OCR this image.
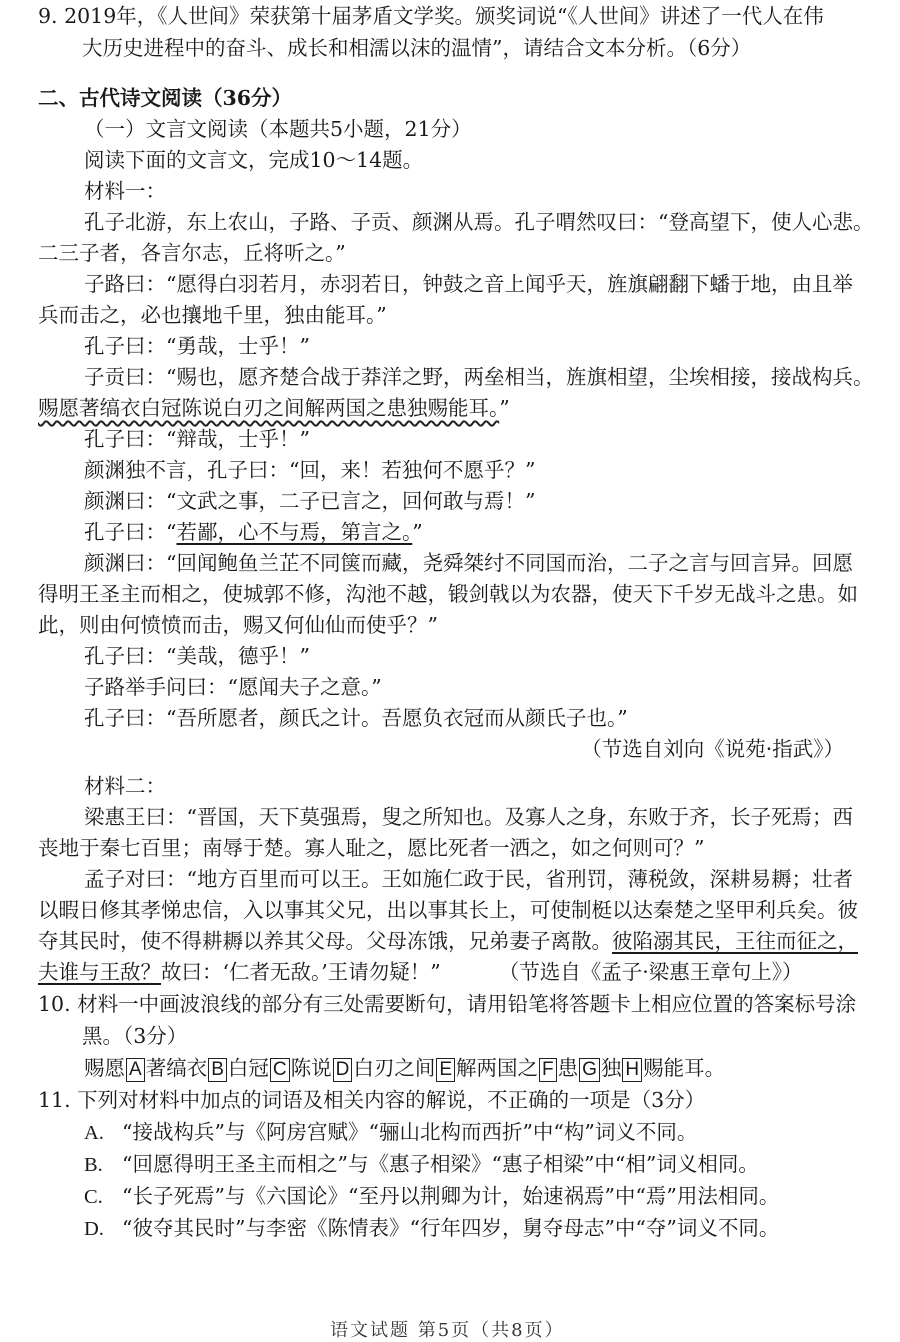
9. 2019年，《人世间》荣获第十届茅盾文学奖。颁奖词说“《人世间》讲述了一代人在伟

大历史进程中的奋斗、成长和相濡以沫的温情”，请结合文本分析。（6分）

二、古代诗文阅读（36分）

（一）文言文阅读（本题共5小题，21分）

阅读下面的文言文，完成10～14题。

材料一：

孔子北游，东上农山，子路、子贡、颜渊从焉。孔子喟然叹曰：“登高望下，使人心悲。

二三子者，各言尔志，丘将听之。”

子路曰：“愿得白羽若月，赤羽若日，钟鼓之音上闻乎天，旌旗翩翻下蟠于地，由且举

兵而击之，必也攘地千里，独由能耳。”

孔子曰：“勇哉，士乎！”

子贡曰：“赐也，愿齐楚合战于莽洋之野，两垒相当，旌旗相望，尘埃相接，接战构兵。

赐愿著缟衣白冠陈说白刃之间解两国之患独赐能耳。”

孔子曰：“辩哉，士乎！”

颜渊独不言，孔子曰：“回，来！若独何不愿乎？”

颜渊曰：“文武之事，二子已言之，回何敢与焉！”

孔子曰：“若鄙，心不与焉，第言之。”

颜渊曰：“回闻鲍鱼兰芷不同箧而藏，尧舜桀纣不同国而治，二子之言与回言异。回愿

得明王圣主而相之，使城郭不修，沟池不越，锻剑戟以为农器，使天下千岁无战斗之患。如

此，则由何愤愤而击，赐又何仙仙而使乎？”

孔子曰：“美哉，德乎！”

子路举手问曰：“愿闻夫子之意。”

孔子曰：“吾所愿者，颜氏之计。吾愿负衣冠而从颜氏子也。”

（节选自刘向《说苑·指武》）

材料二：

梁惠王曰：“晋国，天下莫强焉，叟之所知也。及寡人之身，东败于齐，长子死焉；西

丧地于秦七百里；南辱于楚。寡人耻之，愿比死者一洒之，如之何则可？”

孟子对曰：“地方百里而可以王。王如施仁政于民，省刑罚，薄税敛，深耕易耨；壮者

以暇日修其孝悌忠信，入以事其父兄，出以事其长上，可使制梃以达秦楚之坚甲利兵矣。彼

夺其民时，使不得耕耨以养其父母。父母冻饿，兄弟妻子离散。彼陷溺其民，王往而征之，

夫谁与王敌？故曰：‘仁者无敌。’王请勿疑！”	（节选自《孟子·梁惠王章句上》）

10. 材料一中画波浪线的部分有三处需要断句，请用铅笔将答题卡上相应位置的答案标号涂

黑。（3分）

赐愿 A 著缟衣 B 白冠 C 陈说 D 白刃之间 E 解两国之 F 患 G 独 H 赐能耳。

11. 下列对材料中加点的词语及相关内容的解说，不正确的一项是（3分）

A. “接战构兵”与《阿房宫赋》“骊山北构而西折”中“构”词义不同。

B. “回愿得明王圣主而相之”与《惠子相梁》“惠子相梁”中“相”词义相同。

C. “长子死焉”与《六国论》“至丹以荆卿为计，始速祸焉”中“焉”用法相同。

D. “彼夺其民时”与李密《陈情表》“行年四岁，舅夺母志”中“夺”词义不同。

语文试题 第5页（共8页）
